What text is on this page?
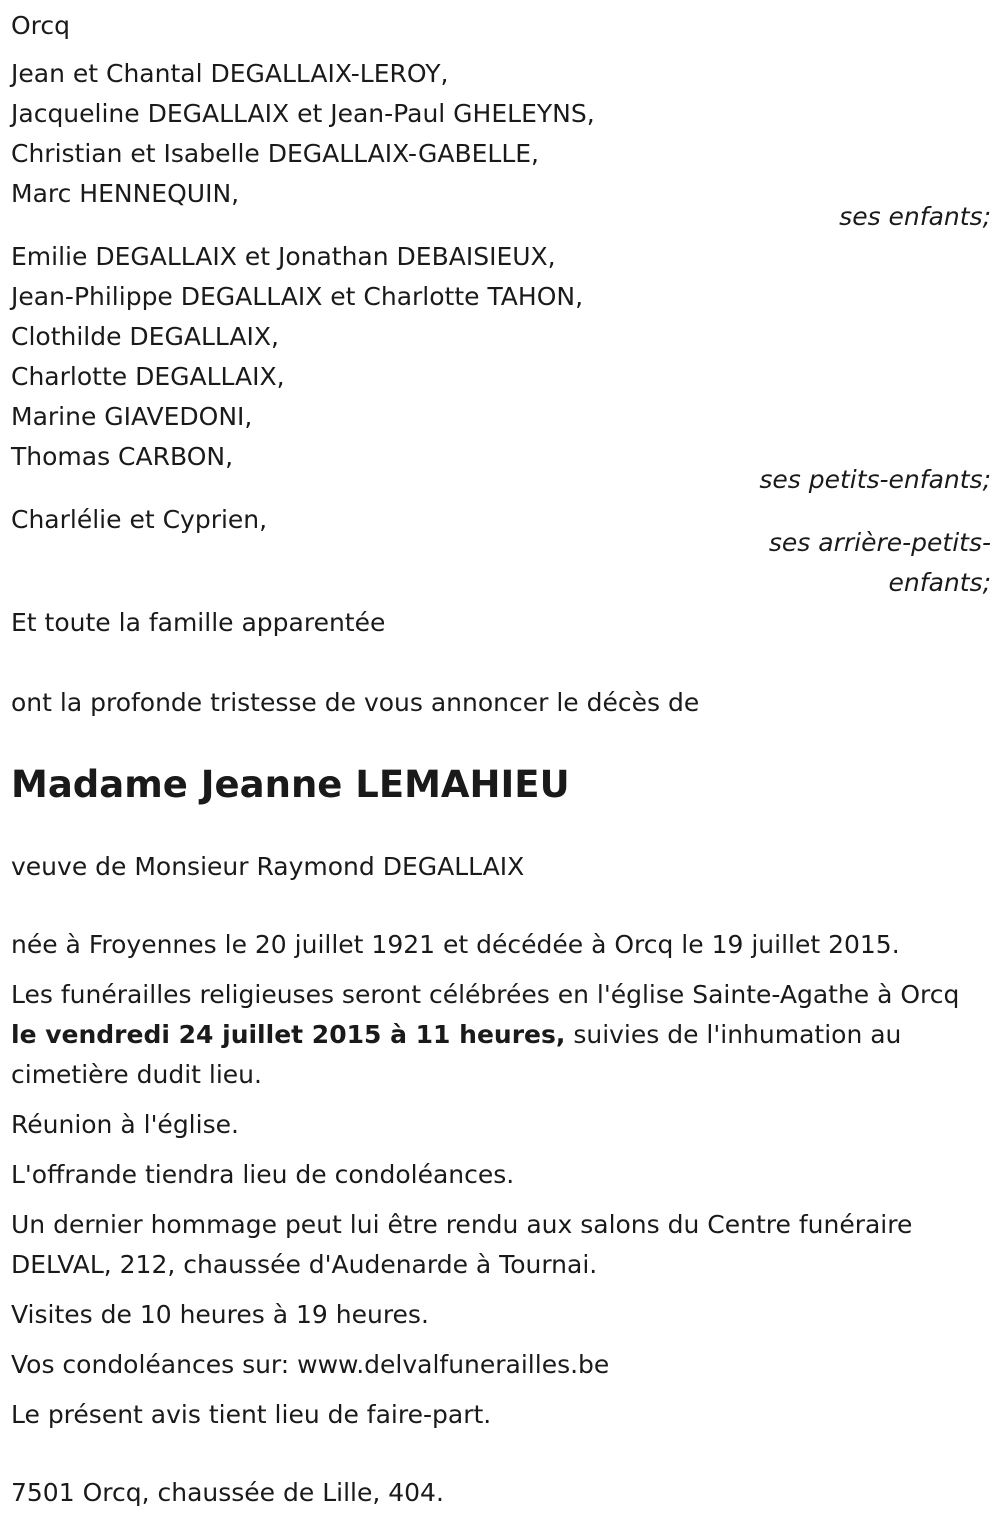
Orcq
Jean et Chantal DEGALLAIX-LEROY,
Jacqueline DEGALLAIX et Jean-Paul GHELEYNS,
Christian et Isabelle DEGALLAIX-GABELLE,
Marc HENNEQUIN,
ses enfants;
Emilie DEGALLAIX et Jonathan DEBAISIEUX,
Jean-Philippe DEGALLAIX et Charlotte TAHON,
Clothilde DEGALLAIX,
Charlotte DEGALLAIX,
Marine GIAVEDONI,
Thomas CARBON,
ses petits-enfants;
Charlélie et Cyprien,
ses arrière-petits-
enfants;
Et toute la famille apparentée
ont la profonde tristesse de vous annoncer le décès de
Madame Jeanne LEMAHIEU
veuve de Monsieur Raymond DEGALLAIX
née à Froyennes le 20 juillet 1921 et décédée à Orcq le 19 juillet 2015.

Les funérailles religieuses seront célébrées en l'église Sainte-Agathe à Orcq le vendredi 24 juillet 2015 à 11 heures, suivies de l'inhumation au cimetière dudit lieu.

Réunion à l'église.
L'offrande tiendra lieu de condoléances.

Un dernier hommage peut lui être rendu aux salons du Centre funéraire DELVAL, 212, chaussée d'Audenarde à Tournai.

Visites de 10 heures à 19 heures.
Vos condoléances sur: www.delvalfunerailles.be
Le présent avis tient lieu de faire-part.
7501 Orcq, chaussée de Lille, 404.
